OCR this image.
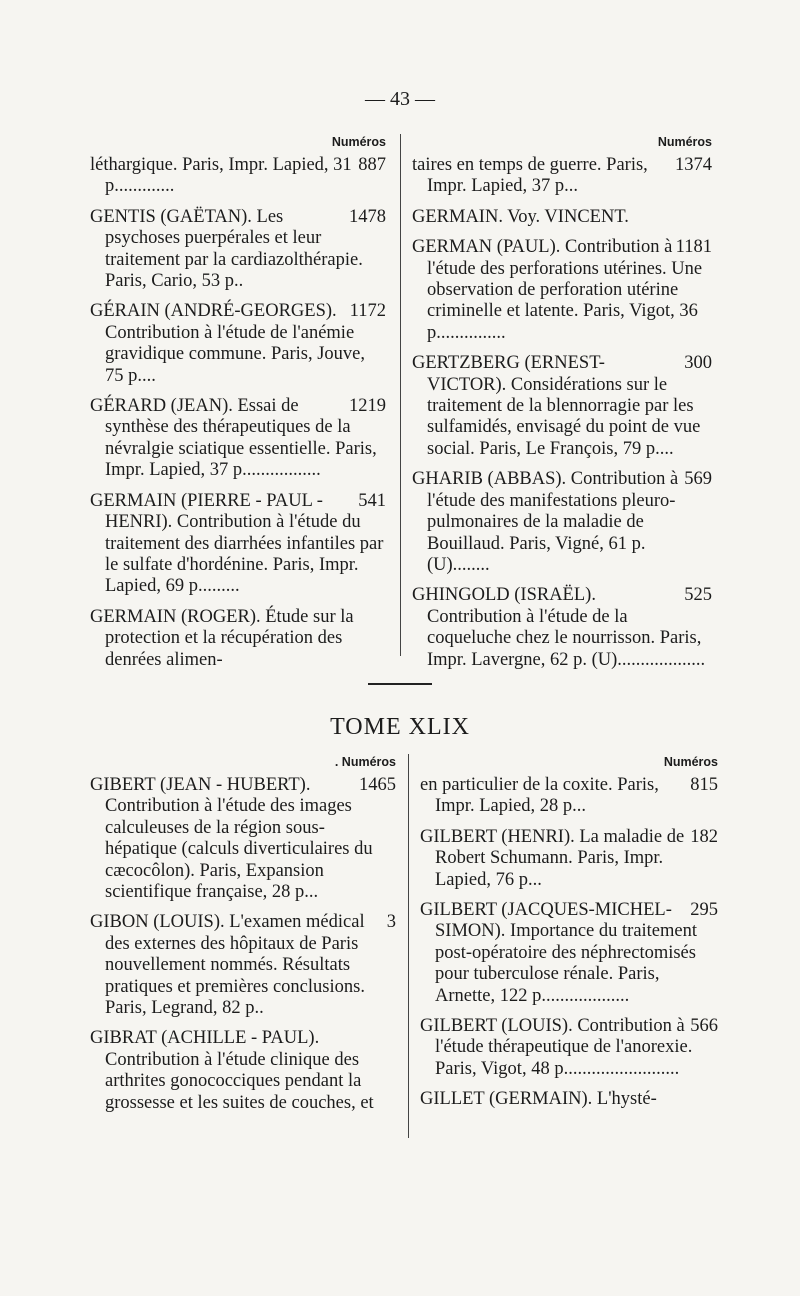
— 43 —
Numéros
887
léthargique. Paris, Impr. Lapied, 31 p.............
1478
GENTIS (GAËTAN). Les psychoses puerpérales et leur traitement par la cardiazolthérapie. Paris, Cario, 53 p..
1172
GÉRAIN (ANDRÉ-GEORGES). Contribution à l'étude de l'anémie gravidique commune. Paris, Jouve, 75 p....
1219
GÉRARD (JEAN). Essai de synthèse des thérapeutiques de la névralgie sciatique essentielle. Paris, Impr. Lapied, 37 p.................
541
GERMAIN (PIERRE - PAUL - HENRI). Contribution à l'étude du traitement des diarrhées infantiles par le sulfate d'hordénine. Paris, Impr. Lapied, 69 p.........
GERMAIN (ROGER). Étude sur la protection et la récupération des denrées alimen-
Numéros
1374
taires en temps de guerre. Paris, Impr. Lapied, 37 p...
GERMAIN. Voy. VINCENT.
1181
GERMAN (PAUL). Contribution à l'étude des perforations utérines. Une observation de perforation utérine criminelle et latente. Paris, Vigot, 36 p...............
300
GERTZBERG (ERNEST-VICTOR). Considérations sur le traitement de la blennorragie par les sulfamidés, envisagé du point de vue social. Paris, Le François, 79 p....
569
GHARIB (ABBAS). Contribution à l'étude des manifestations pleuro-pulmonaires de la maladie de Bouillaud. Paris, Vigné, 61 p. (U)........
525
GHINGOLD (ISRAËL). Contribution à l'étude de la coqueluche chez le nourrisson. Paris, Impr. Lavergne, 62 p. (U)...................
TOME XLIX
. Numéros
1465
GIBERT (JEAN - HUBERT). Contribution à l'étude des images calculeuses de la région sous-hépatique (calculs diverticulaires du cæcocôlon). Paris, Expansion scientifique française, 28 p...
3
GIBON (LOUIS). L'examen médical des externes des hôpitaux de Paris nouvellement nommés. Résultats pratiques et premières conclusions. Paris, Legrand, 82 p..
GIBRAT (ACHILLE - PAUL). Contribution à l'étude clinique des arthrites gonococciques pendant la grossesse et les suites de couches, et
Numéros
815
en particulier de la coxite. Paris, Impr. Lapied, 28 p...
182
GILBERT (HENRI). La maladie de Robert Schumann. Paris, Impr. Lapied, 76 p...
295
GILBERT (JACQUES-MICHEL-SIMON). Importance du traitement post-opératoire des néphrectomisés pour tuberculose rénale. Paris, Arnette, 122 p...................
566
GILBERT (LOUIS). Contribution à l'étude thérapeutique de l'anorexie. Paris, Vigot, 48 p.........................
GILLET (GERMAIN). L'hysté-
